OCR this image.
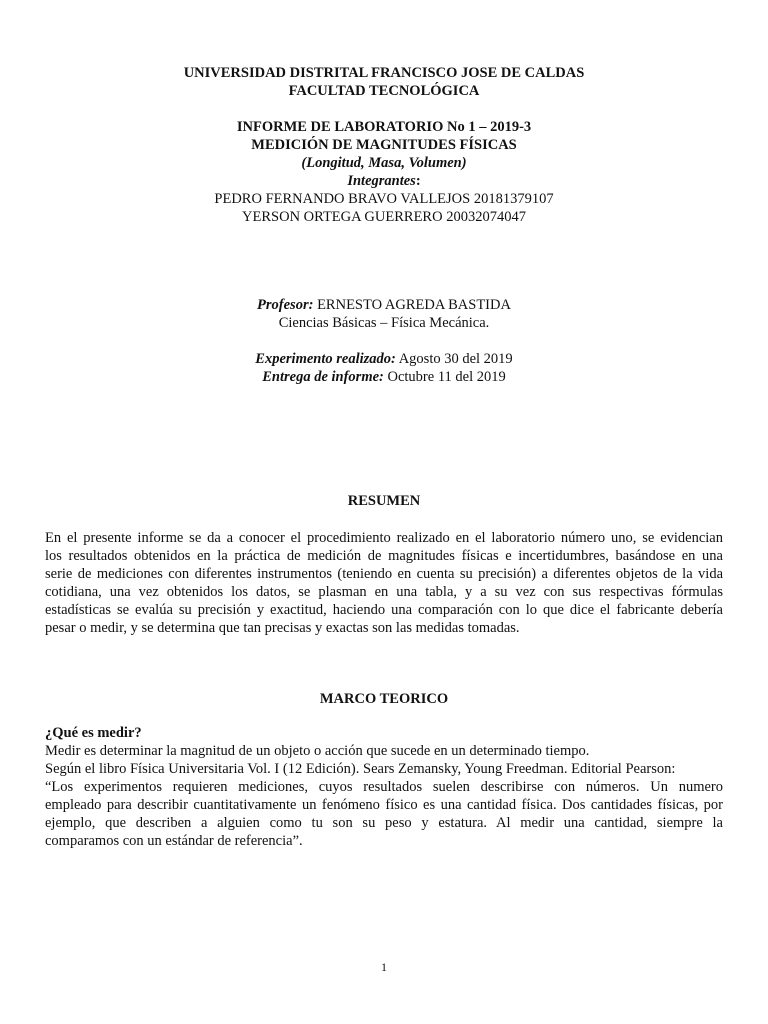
UNIVERSIDAD DISTRITAL FRANCISCO JOSE DE CALDAS
FACULTAD TECNOLÓGICA
INFORME DE LABORATORIO No 1 – 2019-3
MEDICIÓN DE MAGNITUDES FÍSICAS
(Longitud, Masa, Volumen)
Integrantes:
PEDRO FERNANDO BRAVO VALLEJOS 20181379107
YERSON ORTEGA GUERRERO 20032074047
Profesor: ERNESTO AGREDA BASTIDA
Ciencias Básicas – Física Mecánica.
Experimento realizado: Agosto 30 del 2019
Entrega de informe: Octubre 11 del 2019
RESUMEN
En el presente informe se da a conocer el procedimiento realizado en el laboratorio número uno, se evidencian
los resultados obtenidos en la práctica de medición de magnitudes físicas e incertidumbres, basándose en una
serie de mediciones con diferentes instrumentos (teniendo en cuenta su precisión) a diferentes objetos de la vida
cotidiana, una vez obtenidos los datos, se plasman en una tabla, y a su vez con sus respectivas fórmulas
estadísticas se evalúa su precisión y exactitud, haciendo una comparación con lo que dice el fabricante debería
pesar o medir, y se determina que tan precisas y exactas son las medidas tomadas.
MARCO TEORICO
¿Qué es medir?
Medir es determinar la magnitud de un objeto o acción que sucede en un determinado tiempo.
Según el libro Física Universitaria Vol. I (12 Edición). Sears Zemansky, Young Freedman. Editorial Pearson:
“Los experimentos requieren mediciones, cuyos resultados suelen describirse con números. Un numero
empleado para describir cuantitativamente un fenómeno físico es una cantidad física. Dos cantidades físicas, por
ejemplo, que describen a alguien como tu son su peso y estatura. Al medir una cantidad, siempre la
comparamos con un estándar de referencia”.
1
